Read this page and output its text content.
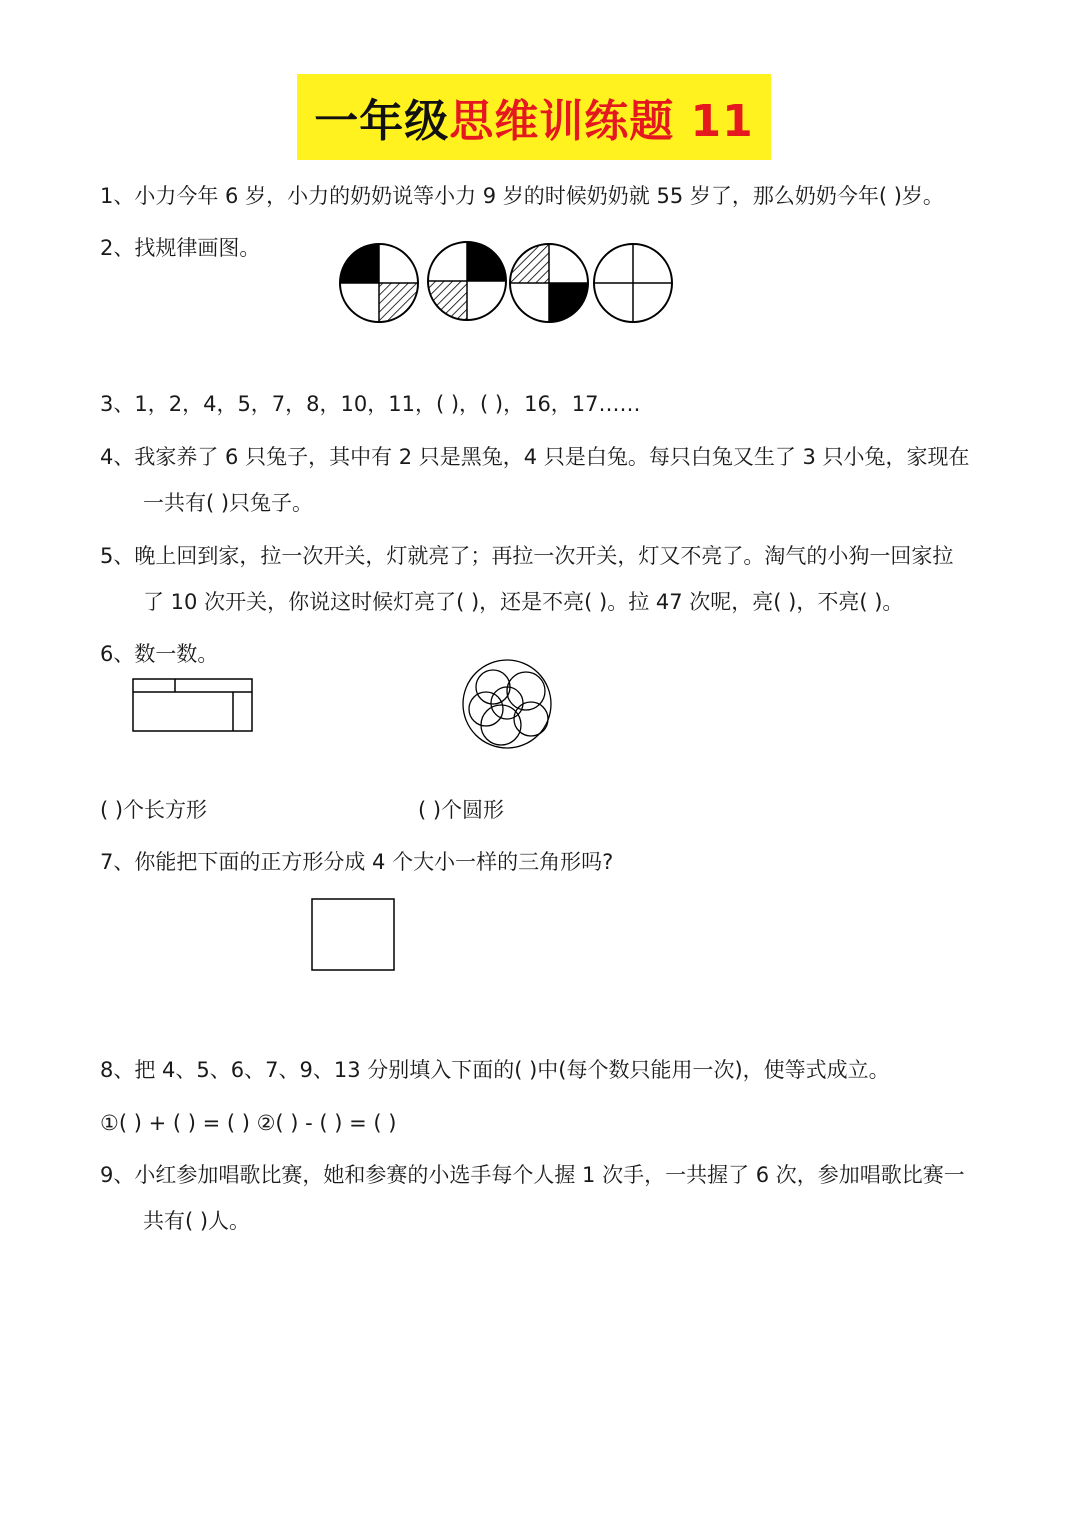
一年级思维训练题 11
1、小力今年 6 岁，小力的奶奶说等小力 9 岁的时候奶奶就 55 岁了，那么奶奶今年( )岁。
2、找规律画图。
3、1，2，4，5，7，8，10，11，( )，( )，16，17……
4、我家养了 6 只兔子，其中有 2 只是黑兔，4 只是白兔。每只白兔又生了 3 只小兔，家现在
一共有( )只兔子。
5、晚上回到家，拉一次开关，灯就亮了；再拉一次开关，灯又不亮了。淘气的小狗一回家拉
了 10 次开关，你说这时候灯亮了( )，还是不亮( )。拉 47 次呢，亮( )，不亮( )。
6、数一数。
( )个长方形	( )个圆形
7、你能把下面的正方形分成 4 个大小一样的三角形吗?
8、把 4、5、6、7、9、13 分别填入下面的( )中(每个数只能用一次)，使等式成立。
①( ) + ( ) = ( ) ②( ) - ( ) = ( )
9、小红参加唱歌比赛，她和参赛的小选手每个人握 1 次手，一共握了 6 次，参加唱歌比赛一
共有( )人。
